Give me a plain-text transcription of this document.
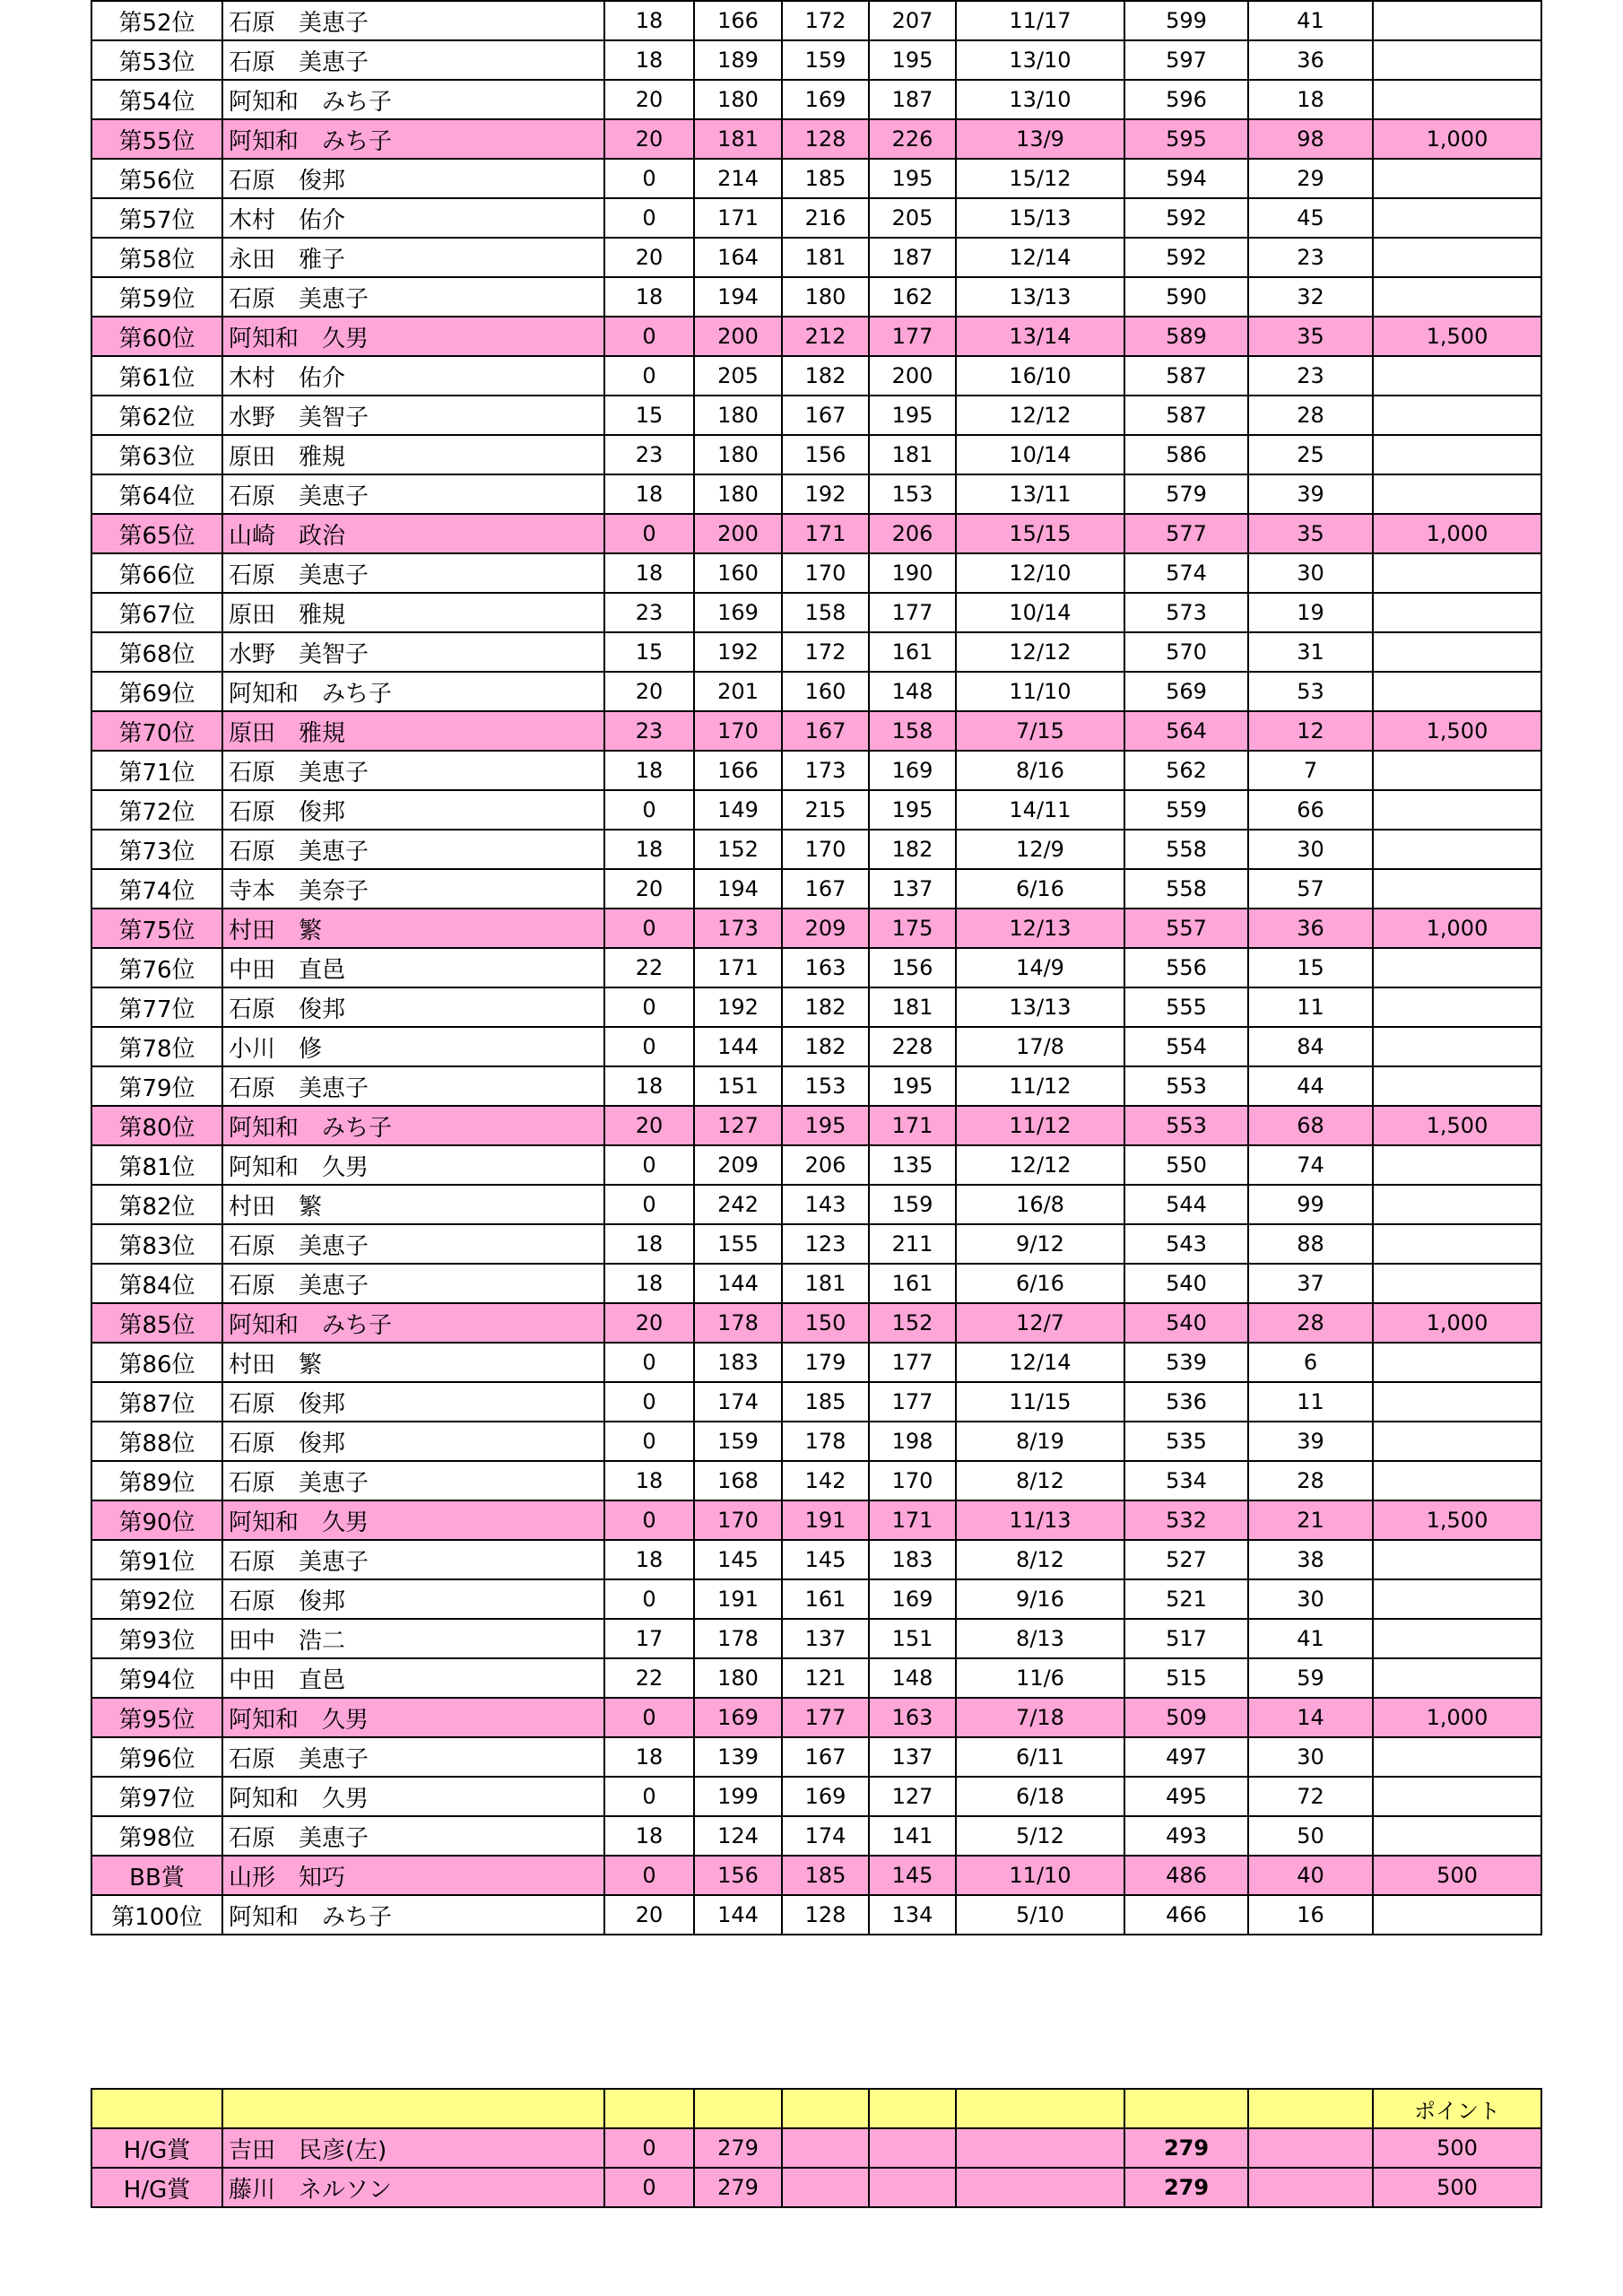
第52位	石原　美恵子	18	166	172	207	11/17	599	41	
第53位	石原　美恵子	18	189	159	195	13/10	597	36	
第54位	阿知和　みち子	20	180	169	187	13/10	596	18	
第55位	阿知和　みち子	20	181	128	226	13/9	595	98	1,000
第56位	石原　俊邦	0	214	185	195	15/12	594	29	
第57位	木村　佑介	0	171	216	205	15/13	592	45	
第58位	永田　雅子	20	164	181	187	12/14	592	23	
第59位	石原　美恵子	18	194	180	162	13/13	590	32	
第60位	阿知和　久男	0	200	212	177	13/14	589	35	1,500
第61位	木村　佑介	0	205	182	200	16/10	587	23	
第62位	水野　美智子	15	180	167	195	12/12	587	28	
第63位	原田　雅規	23	180	156	181	10/14	586	25	
第64位	石原　美恵子	18	180	192	153	13/11	579	39	
第65位	山崎　政治	0	200	171	206	15/15	577	35	1,000
第66位	石原　美恵子	18	160	170	190	12/10	574	30	
第67位	原田　雅規	23	169	158	177	10/14	573	19	
第68位	水野　美智子	15	192	172	161	12/12	570	31	
第69位	阿知和　みち子	20	201	160	148	11/10	569	53	
第70位	原田　雅規	23	170	167	158	7/15	564	12	1,500
第71位	石原　美恵子	18	166	173	169	8/16	562	7	
第72位	石原　俊邦	0	149	215	195	14/11	559	66	
第73位	石原　美恵子	18	152	170	182	12/9	558	30	
第74位	寺本　美奈子	20	194	167	137	6/16	558	57	
第75位	村田　繁	0	173	209	175	12/13	557	36	1,000
第76位	中田　直邑	22	171	163	156	14/9	556	15	
第77位	石原　俊邦	0	192	182	181	13/13	555	11	
第78位	小川　修	0	144	182	228	17/8	554	84	
第79位	石原　美恵子	18	151	153	195	11/12	553	44	
第80位	阿知和　みち子	20	127	195	171	11/12	553	68	1,500
第81位	阿知和　久男	0	209	206	135	12/12	550	74	
第82位	村田　繁	0	242	143	159	16/8	544	99	
第83位	石原　美恵子	18	155	123	211	9/12	543	88	
第84位	石原　美恵子	18	144	181	161	6/16	540	37	
第85位	阿知和　みち子	20	178	150	152	12/7	540	28	1,000
第86位	村田　繁	0	183	179	177	12/14	539	6	
第87位	石原　俊邦	0	174	185	177	11/15	536	11	
第88位	石原　俊邦	0	159	178	198	8/19	535	39	
第89位	石原　美恵子	18	168	142	170	8/12	534	28	
第90位	阿知和　久男	0	170	191	171	11/13	532	21	1,500
第91位	石原　美恵子	18	145	145	183	8/12	527	38	
第92位	石原　俊邦	0	191	161	169	9/16	521	30	
第93位	田中　浩二	17	178	137	151	8/13	517	41	
第94位	中田　直邑	22	180	121	148	11/6	515	59	
第95位	阿知和　久男	0	169	177	163	7/18	509	14	1,000
第96位	石原　美恵子	18	139	167	137	6/11	497	30	
第97位	阿知和　久男	0	199	169	127	6/18	495	72	
第98位	石原　美恵子	18	124	174	141	5/12	493	50	
BB賞	山形　知巧	0	156	185	145	11/10	486	40	500
第100位	阿知和　みち子	20	144	128	134	5/10	466	16	
									ポイント
H/G賞	吉田　民彦(左)	0	279				279		500
H/G賞	藤川　ネルソン	0	279				279		500
